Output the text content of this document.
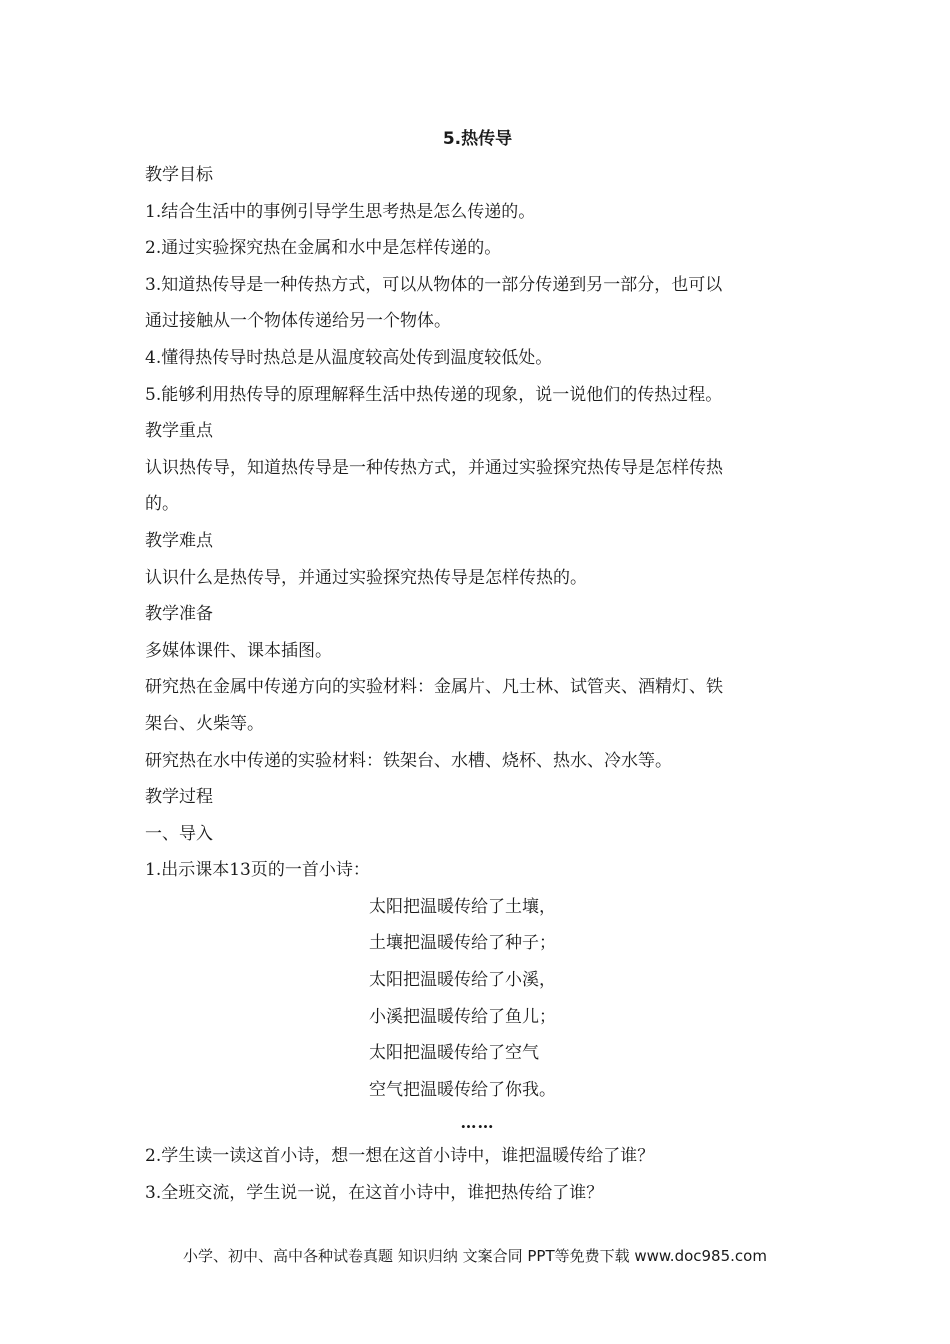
5.热传导
教学目标
1.结合生活中的事例引导学生思考热是怎么传递的。
2.通过实验探究热在金属和水中是怎样传递的。
3.知道热传导是一种传热方式，可以从物体的一部分传递到另一部分，也可以
通过接触从一个物体传递给另一个物体。
4.懂得热传导时热总是从温度较高处传到温度较低处。
5.能够利用热传导的原理解释生活中热传递的现象，说一说他们的传热过程。
教学重点
认识热传导，知道热传导是一种传热方式，并通过实验探究热传导是怎样传热
的。
教学难点
认识什么是热传导，并通过实验探究热传导是怎样传热的。
教学准备
多媒体课件、课本插图。
研究热在金属中传递方向的实验材料：金属片、凡士林、试管夹、酒精灯、铁
架台、火柴等。
研究热在水中传递的实验材料：铁架台、水槽、烧杯、热水、冷水等。
教学过程
一、导入
1.出示课本13页的一首小诗：
太阳把温暖传给了土壤，
土壤把温暖传给了种子；
太阳把温暖传给了小溪，
小溪把温暖传给了鱼儿；
太阳把温暖传给了空气
空气把温暖传给了你我。
……
2.学生读一读这首小诗，想一想在这首小诗中，谁把温暖传给了谁？
3.全班交流，学生说一说，在这首小诗中，谁把热传给了谁？
小学、初中、高中各种试卷真题 知识归纳 文案合同 PPT等免费下载 www.doc985.com
